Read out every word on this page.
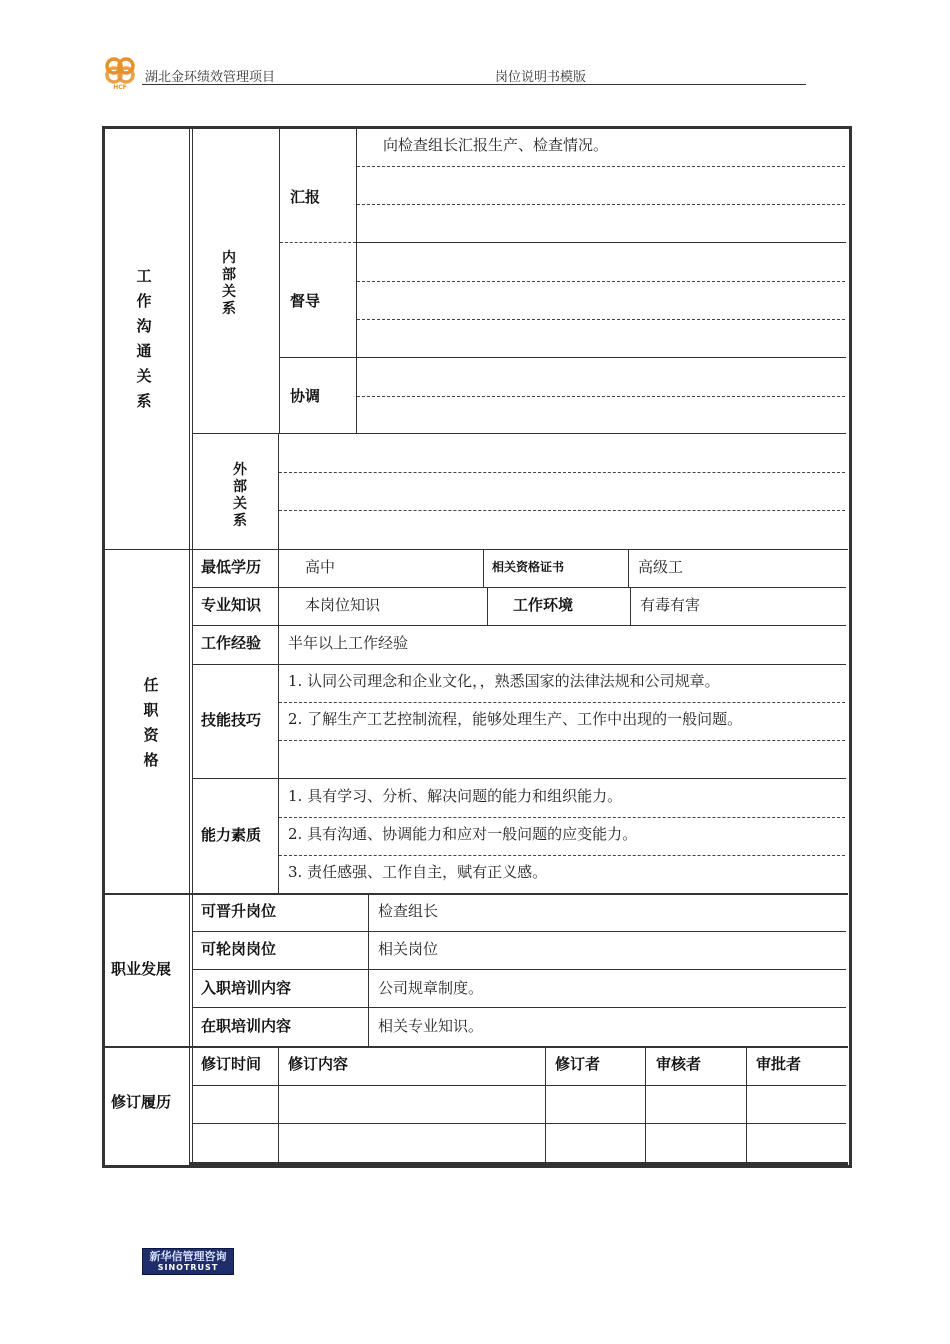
HCF
湖北金环绩效管理项目	岗位说明书模版
工作沟通关系
内部关系
外部关系
汇报
向检查组长汇报生产、检查情况。
督导
协调
任职资格
最低学历	高中	相关资格证书	高级工
专业知识	本岗位知识	工作环境	有毒有害
工作经验 半年以上工作经验
技能技巧
1. 认同公司理念和企业文化，，熟悉国家的法律法规和公司规章。
2. 了解生产工艺控制流程，能够处理生产、工作中出现的一般问题。
能力素质
1. 具有学习、分析、解决问题的能力和组织能力。
2. 具有沟通、协调能力和应对一般问题的应变能力。
3. 责任感强、工作自主，赋有正义感。
职业发展
可晋升岗位	检查组长
可轮岗岗位	相关岗位
入职培训内容	公司规章制度。
在职培训内容	相关专业知识。
修订履历
修订时间 修订内容	修订者	审核者	审批者
新华信管理咨询
SINOTRUST
